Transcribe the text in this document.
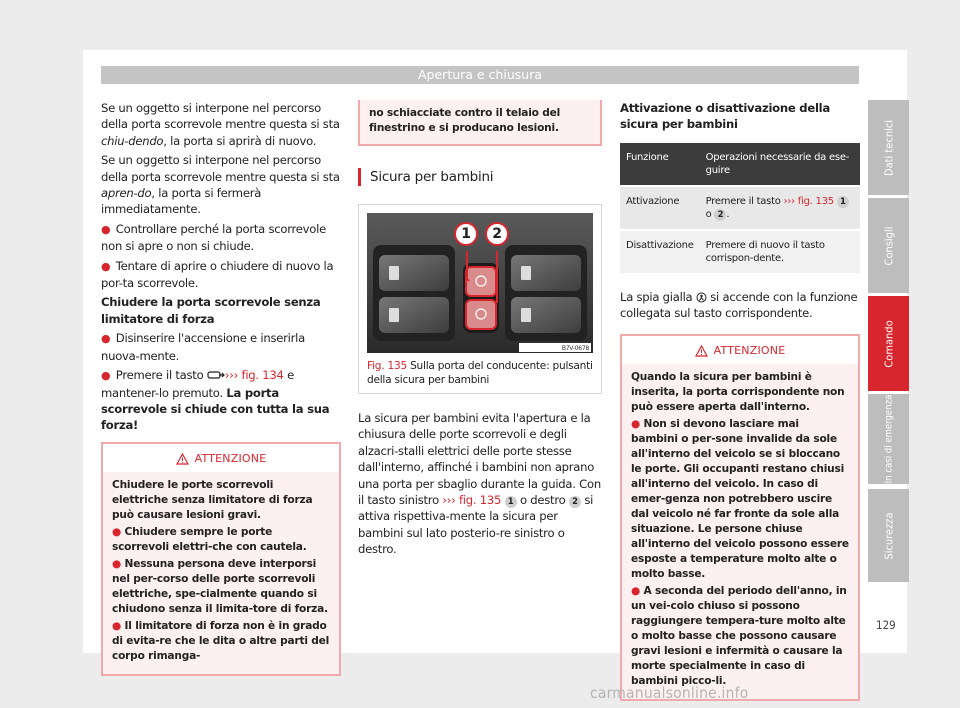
Apertura e chiusura

Se un oggetto si interpone nel percorso della porta scorrevole mentre questa si sta chiu-dendo, la porta si aprirà di nuovo.

Se un oggetto si interpone nel percorso della porta scorrevole mentre questa si sta apren-do, la porta si fermerà immediatamente.

● Controllare perché la porta scorrevole non si apre o non si chiude.

● Tentare di aprire o chiudere di nuovo la por-ta scorrevole.

Chiudere la porta scorrevole senza limitatore di forza

● Disinserire l'accensione e inserirla nuova-mente.

● Premere il tasto ››› fig. 134 e mantener-lo premuto. La porta scorrevole si chiude con tutta la sua forza!

ATTENZIONE

Chiudere le porte scorrevoli elettriche senza limitatore di forza può causare lesioni gravi.

● Chiudere sempre le porte scorrevoli elettri-che con cautela.

● Nessuna persona deve interporsi nel per-corso delle porte scorrevoli elettriche, spe-cialmente quando si chiudono senza il limita-tore di forza.

● Il limitatore di forza non è in grado di evita-re che le dita o altre parti del corpo rimanga-

no schiacciate contro il telaio del finestrino e si producano lesioni.
Sicura per bambini
1	2
B7V-0678
Fig. 135 Sulla porta del conducente: pulsanti della sicura per bambini

La sicura per bambini evita l'apertura e la chiusura delle porte scorrevoli e degli alzacri-stalli elettrici delle porte stesse dall'interno, affinché i bambini non aprano una porta per sbaglio durante la guida. Con il tasto sinistro ››› fig. 135 1 o destro 2 si attiva rispettiva-mente la sicura per bambini sul lato posterio-re sinistro o destro.

Attivazione o disattivazione della sicura per bambini

Funzione	Operazioni necessarie da ese-guire
Attivazione	Premere il tasto ››› fig. 135 1 o 2 .
Disattivazione	Premere di nuovo il tasto corrispon-dente.

La spia gialla  si accende con la funzione collegata sul tasto corrispondente.

ATTENZIONE

Quando la sicura per bambini è inserita, la porta corrispondente non può essere aperta dall'interno.

● Non si devono lasciare mai bambini o per-sone invalide da sole all'interno del veicolo se si bloccano le porte. Gli occupanti restano chiusi all'interno del veicolo. In caso di emer-genza non potrebbero uscire dal veicolo né far fronte da sole alla situazione. Le persone chiuse all'interno del veicolo possono essere esposte a temperature molto alte o molto basse.

● A seconda del periodo dell'anno, in un vei-colo chiuso si possono raggiungere tempera-ture molto alte o molto basse che possono causare gravi lesioni e infermità o causare la morte specialmente in caso di bambini picco-li.

Dati tecnici
Consigli
Comando
In casi di emergenza
Sicurezza
129
carmanualsonline.info
